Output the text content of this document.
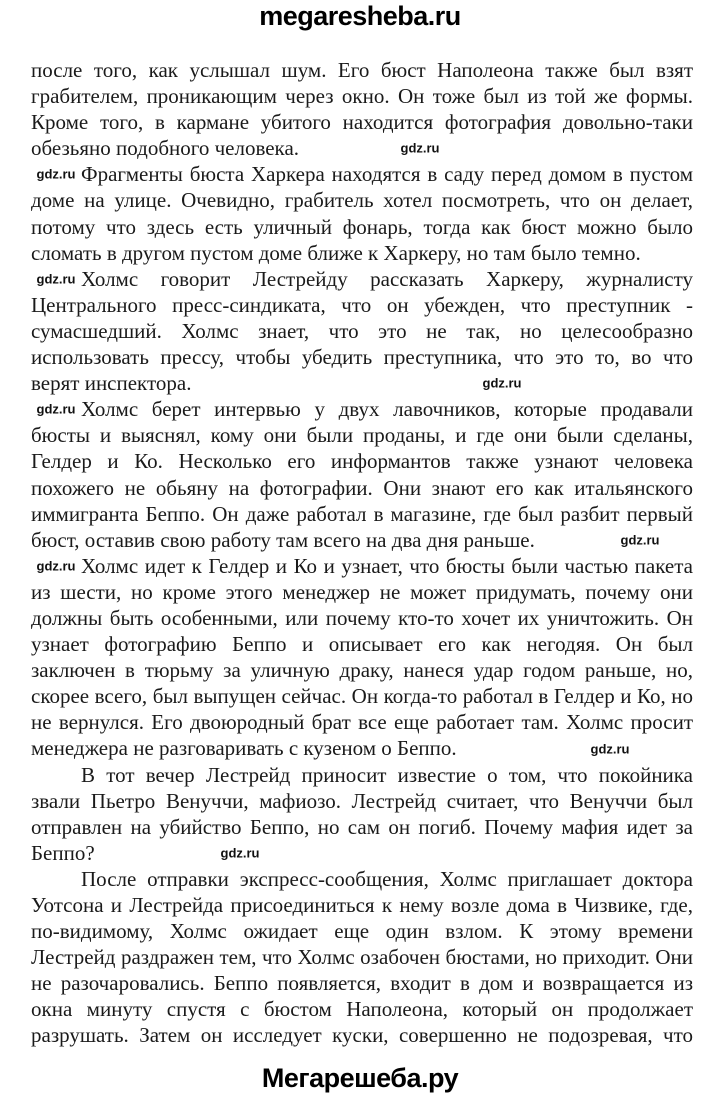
megaresheba.ru
после того, как услышал шум. Его бюст Наполеона также был взят
грабителем, проникающим через окно. Он тоже был из той же формы.
Кроме того, в кармане убитого находится фотография довольно-таки
обезьяно подобного человека.
Фрагменты бюста Харкера находятся в саду перед домом в пустом
доме на улице. Очевидно, грабитель хотел посмотреть, что он делает,
потому что здесь есть уличный фонарь, тогда как бюст можно было
сломать в другом пустом доме ближе к Харкеру, но там было темно.
Холмс говорит Лестрейду рассказать Харкеру, журналисту
Центрального пресс-синдиката, что он убежден, что преступник -
сумасшедший. Холмс знает, что это не так, но целесообразно
использовать прессу, чтобы убедить преступника, что это то, во что
верят инспектора.
Холмс берет интервью у двух лавочников, которые продавали
бюсты и выяснял, кому они были проданы, и где они были сделаны,
Гелдер и Ко. Несколько его информантов также узнают человека
похожего не обьяну на фотографии. Они знают его как итальянского
иммигранта Беппо. Он даже работал в магазине, где был разбит первый
бюст, оставив свою работу там всего на два дня раньше.
Холмс идет к Гелдер и Ко и узнает, что бюсты были частью пакета
из шести, но кроме этого менеджер не может придумать, почему они
должны быть особенными, или почему кто-то хочет их уничтожить. Он
узнает фотографию Беппо и описывает его как негодяя. Он был
заключен в тюрьму за уличную драку, нанеся удар годом раньше, но,
скорее всего, был выпущен сейчас. Он когда-то работал в Гелдер и Ко, но
не вернулся. Его двоюродный брат все еще работает там. Холмс просит
менеджера не разговаривать с кузеном о Беппо.
В тот вечер Лестрейд приносит известие о том, что покойника
звали Пьетро Венуччи, мафиозо. Лестрейд считает, что Венуччи был
отправлен на убийство Беппо, но сам он погиб. Почему мафия идет за
Беппо?
После отправки экспресс-сообщения, Холмс приглашает доктора
Уотсона и Лестрейда присоединиться к нему возле дома в Чизвике, где,
по-видимому, Холмс ожидает еще один взлом. К этому времени
Лестрейд раздражен тем, что Холмс озабочен бюстами, но приходит. Они
не разочаровались. Беппо появляется, входит в дом и возвращается из
окна минуту спустя с бюстом Наполеона, который он продолжает
разрушать. Затем он исследует куски, совершенно не подозревая, что
Мегарешеба.ру
gdz.ru
gdz.ru
gdz.ru
gdz.ru
gdz.ru
gdz.ru
gdz.ru
gdz.ru
gdz.ru
